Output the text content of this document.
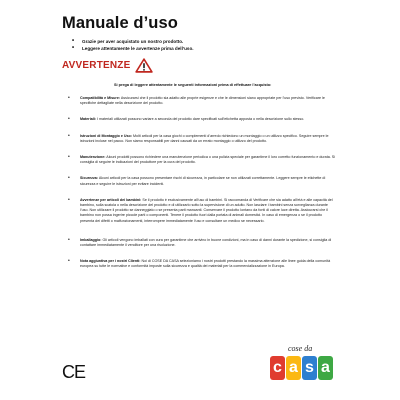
Manuale d’uso
• Grazie per aver acquistato un nostro prodotto.
• Leggere attentamente le avvertenze prima dell’uso.
AVVERTENZE
Si prega di leggere attentamente le seguenti informazioni prima di effettuare l’acquisto:
• Compatibilità e Misure: Assicurarsi che il prodotto sia adatto alle proprie esigenze e che le dimensioni siano appropriate per l’uso previsto. Verificare le specifiche dettagliate nella descrizione del prodotto.
• Materiali: I materiali utilizzati possono variare a seconda del prodotto dare specificati sull’etichetta apposta o nella descrizione sullo stesso.
• Istruzioni di Montaggio e Uso: Molti articoli per la casa giochi o complementi d’arredo richiedono un montaggio o un utilizzo specifico. Seguire sempre le istruzioni incluse nel pacco. Non siamo responsabili per danni causati da un errato montaggio o utilizzo del prodotto.
• Manutenzione: Alcuni prodotti possono richiedere una manutenzione periodica o una pulizia speciale per garantirne il loro corretto funzionamento e durata. Si consiglia di seguire le indicazioni del produttore per la cura del prodotto.
• Sicurezza: Alcuni articoli per la casa possono presentare rischi di sicurezza, in particolare se non utilizzati correttamente. Leggere sempre le etichette di sicurezza e seguire le istruzioni per evitare incidenti.
• Avvertenze per articoli dei bambini: Se il prodotto è esclusivamente all’uso di bambini. Si raccomanda di Verificare che sia adatto all’età e alle capacità del bambino, sulla scatola o nella descrizione del prodotto e di utilizzarlo sotto la supervisione di un adulto. Non lasciare i bambini senza sorveglianza durante l’uso. Non utilizzare il prodotto se danneggiato o se presenta parti mancanti. Conservare il prodotto lontano da fonti di calore luce diretta. Assicurarsi che il bambino non possa ingerire piccole parti o componenti. Tenere il prodotto fuori dalla portata di animali domestici. In caso di emergenza o se il prodotto presenta dei difetti o malfunzionamenti, interrompere immediatamente l’uso e consultare un medico se necessario.
• Imballaggio: Gli articoli vengono imballati con cura per garantirne che arrivino in buone condizioni, ma in caso di danni durante la spedizione, si consiglia di contattare immediatamente il venditore per una risoluzione.
• Nota aggiuntiva per i nostri Clienti: Noi di COSE DA CASA selezioniamo i nostri prodotti prestando la massima attenzione alle linee guida della comunità europea su tutte le normative e conformità imposte sulla sicurezza e qualità dei materiali per la commercializzazione in Europa.
CE
cose da
c a s a
